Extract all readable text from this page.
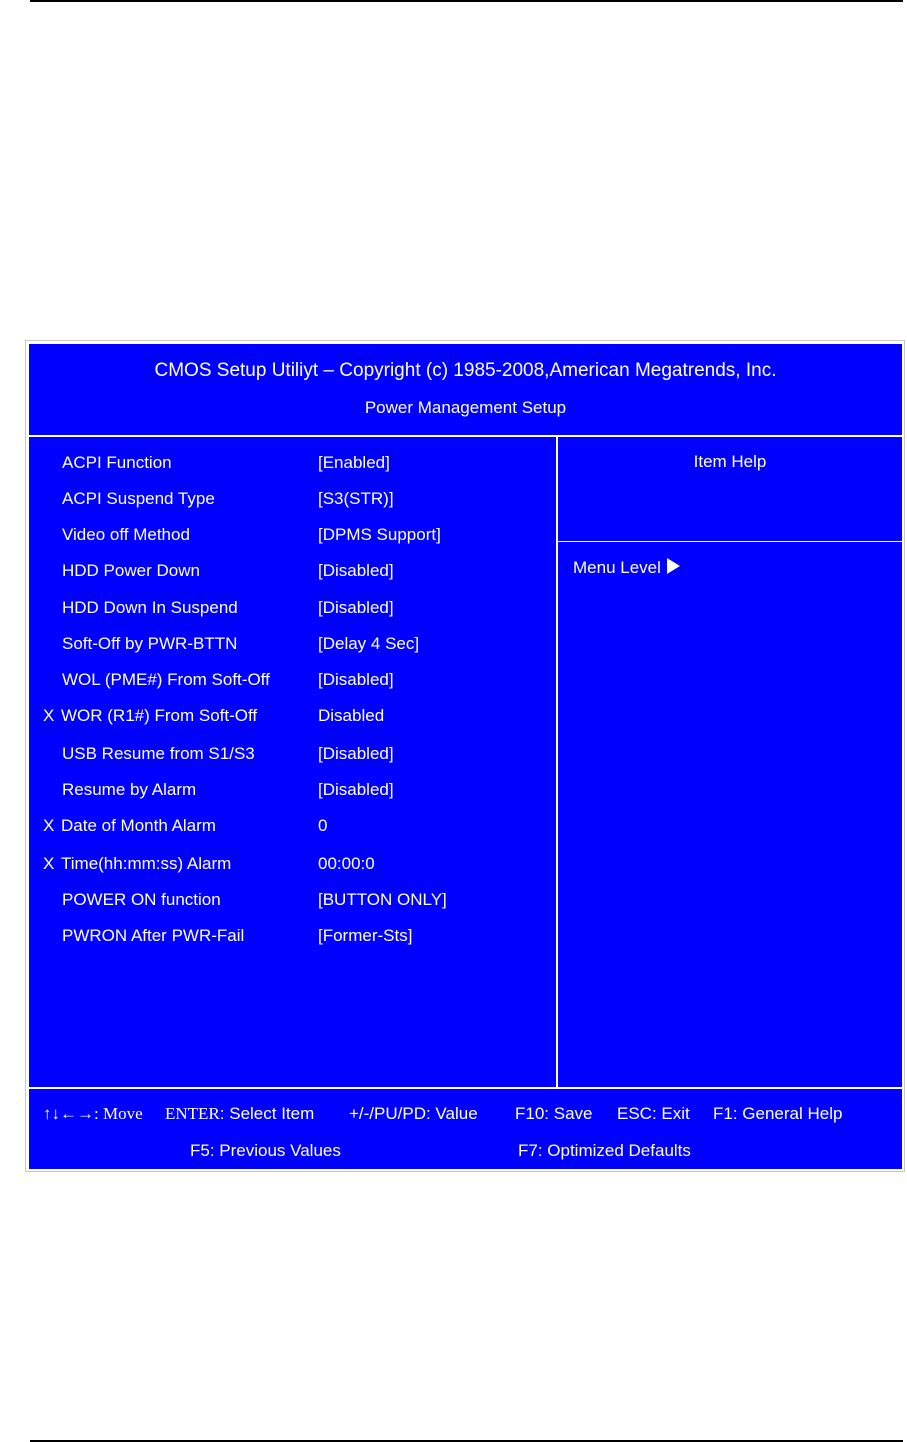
CMOS Setup Utiliyt – Copyright (c) 1985-2008,American Megatrends, Inc.
Power Management Setup
ACPI Function	[Enabled]
ACPI Suspend Type	[S3(STR)]
Video off Method	[DPMS Support]
HDD Power Down	[Disabled]
HDD Down In Suspend	[Disabled]
Soft-Off by PWR-BTTN	[Delay 4 Sec]
WOL (PME#) From Soft-Off	[Disabled]
X WOR (R1#) From Soft-Off	Disabled
USB Resume from S1/S3	[Disabled]
Resume by Alarm	[Disabled]
X Date of Month Alarm	0
X Time(hh:mm:ss) Alarm	00:00:0
POWER ON function	[BUTTON ONLY]
PWRON After PWR-Fail	[Former-Sts]
Item Help
Menu Level
↑↓←→: Move ENTER: Select Item +/-/PU/PD: Value F10: Save ESC: Exit F1: General Help
F5: Previous Values	F7: Optimized Defaults
